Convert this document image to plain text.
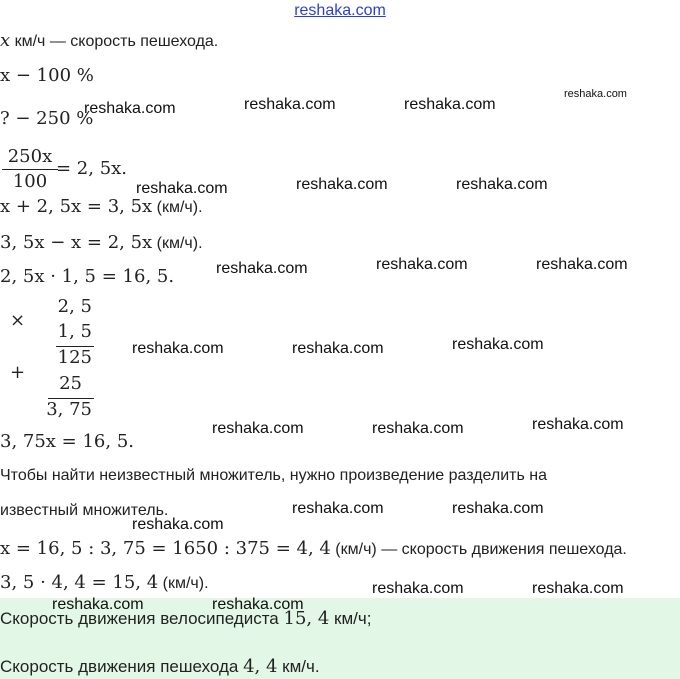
reshaka.com
x км/ч — скорость пешехода.
x − 100 %
? − 250 %
250x
100
= 2, 5x.
x + 2, 5x = 3, 5x (км/ч).
3, 5x − x = 2, 5x (км/ч).
2, 5x · 1, 5 = 16, 5.
×
+
2, 5
1, 5
125
25
3, 75
3, 75x = 16, 5.
Чтобы найти неизвестный множитель, нужно произведение разделить на
известный множитель.
x = 16, 5 : 3, 75 = 1650 : 375 = 4, 4 (км/ч) — скорость движения пешехода.
3, 5 · 4, 4 = 15, 4 (км/ч).
Скорость движения велосипедиста 15, 4 км/ч;
Скорость движения пешехода 4, 4 км/ч.
reshaka.com	reshaka.com	reshaka.com
reshaka.com
reshaka.com	reshaka.com	reshaka.com
reshaka.com	reshaka.com	reshaka.com
reshaka.com	reshaka.com	reshaka.com
reshaka.com	reshaka.com	reshaka.com
reshaka.com
reshaka.com	reshaka.com
reshaka.com	reshaka.com
reshaka.com	reshaka.com
